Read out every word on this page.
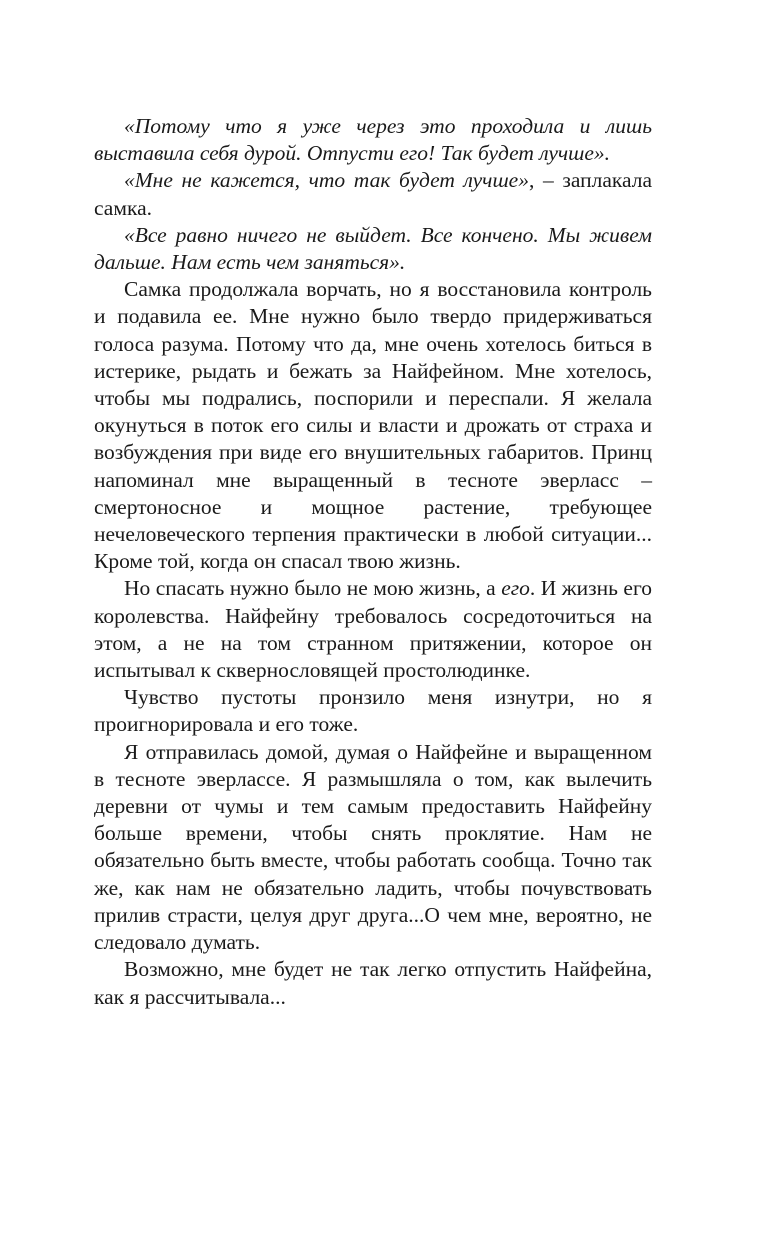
«Потому что я уже через это проходила и лишь выставила себя дурой. Отпусти его! Так будет лучше».

«Мне не кажется, что так будет лучше», – заплакала самка.

«Все равно ничего не выйдет. Все кончено. Мы живем дальше. Нам есть чем заняться».

Самка продолжала ворчать, но я восстановила контроль и подавила ее. Мне нужно было твердо придерживаться голоса разума. Потому что да, мне очень хотелось биться в истерике, рыдать и бежать за Найфейном. Мне хотелось, чтобы мы подрались, поспорили и переспали. Я желала окунуться в поток его силы и власти и дрожать от страха и возбуждения при виде его внушительных габаритов. Принц напоминал мне выращенный в тесноте эверласс – смертоносное и мощное растение, требующее нечеловеческого терпения практически в любой ситуации... Кроме той, когда он спасал твою жизнь.

Но спасать нужно было не мою жизнь, а его. И жизнь его королевства. Найфейну требовалось сосредоточиться на этом, а не на том странном притяжении, которое он испытывал к сквернословящей простолюдинке.

Чувство пустоты пронзило меня изнутри, но я проигнорировала и его тоже.

Я отправилась домой, думая о Найфейне и выращенном в тесноте эверлассе. Я размышляла о том, как вылечить деревни от чумы и тем самым предоставить Найфейну больше времени, чтобы снять проклятие. Нам не обязательно быть вместе, чтобы работать сообща. Точно так же, как нам не обязательно ладить, чтобы почувствовать прилив страсти, целуя друг друга...О чем мне, вероятно, не следовало думать.

Возможно, мне будет не так легко отпустить Найфейна, как я рассчитывала...
